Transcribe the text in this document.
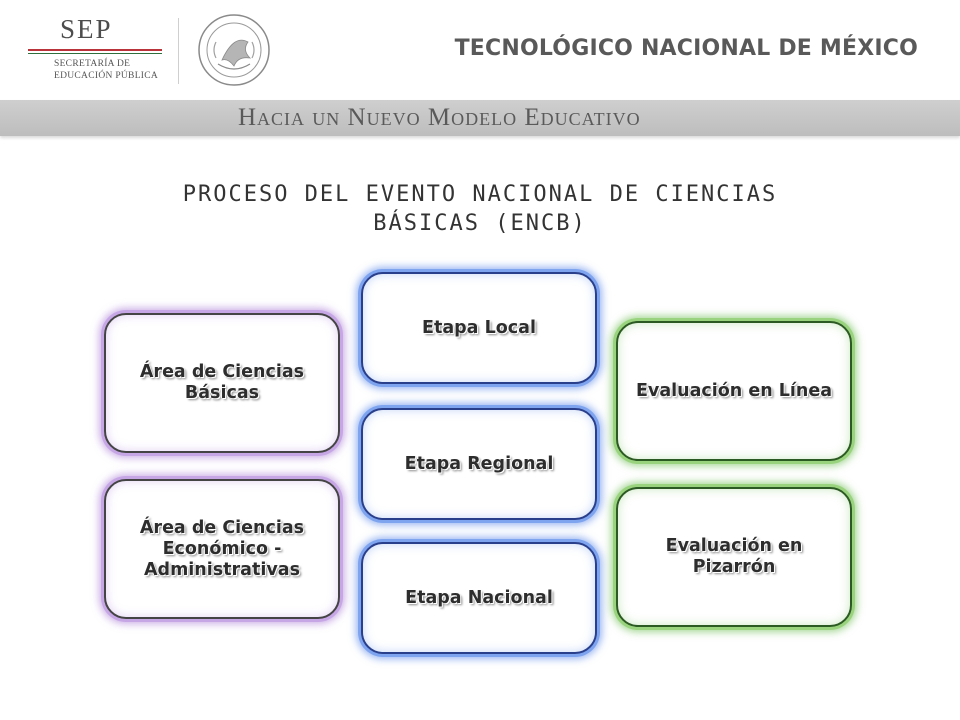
SEP
SECRETARÍA DE
EDUCACIÓN PÚBLICA
TECNOLÓGICO NACIONAL DE MÉXICO
Hacia un Nuevo Modelo Educativo
PROCESO DEL EVENTO NACIONAL DE CIENCIAS
BÁSICAS (ENCB)
Área de Ciencias Básicas
Área de Ciencias Económico - Administrativas
Etapa Local
Etapa Regional
Etapa Nacional
Evaluación en Línea
Evaluación en Pizarrón
